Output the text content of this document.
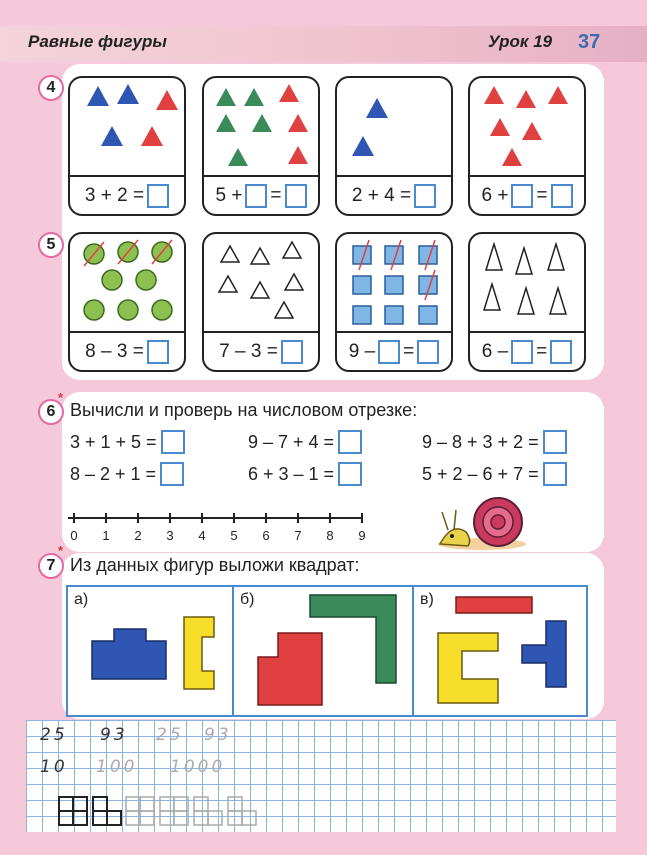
Равные фигуры	Урок 19 37
4
3 + 2 =	5 + =	2 + 4 =	6 + =
5
8 – 3 =	7 – 3 =	9 – =	6 – =
6
*
Вычисли и проверь на числовом отрезке:
3 + 1 + 5 =	9 – 7 + 4 =	9 – 8 + 3 + 2 =
8 – 2 + 1 =	6 + 3 – 1 =	5 + 2 – 6 + 7 =
0 1 2 3 4 5 6 7 8 9
7
*
Из данных фигур выложи квадрат:
а)	б)	в)
25 93 25 93
10 100 1000
